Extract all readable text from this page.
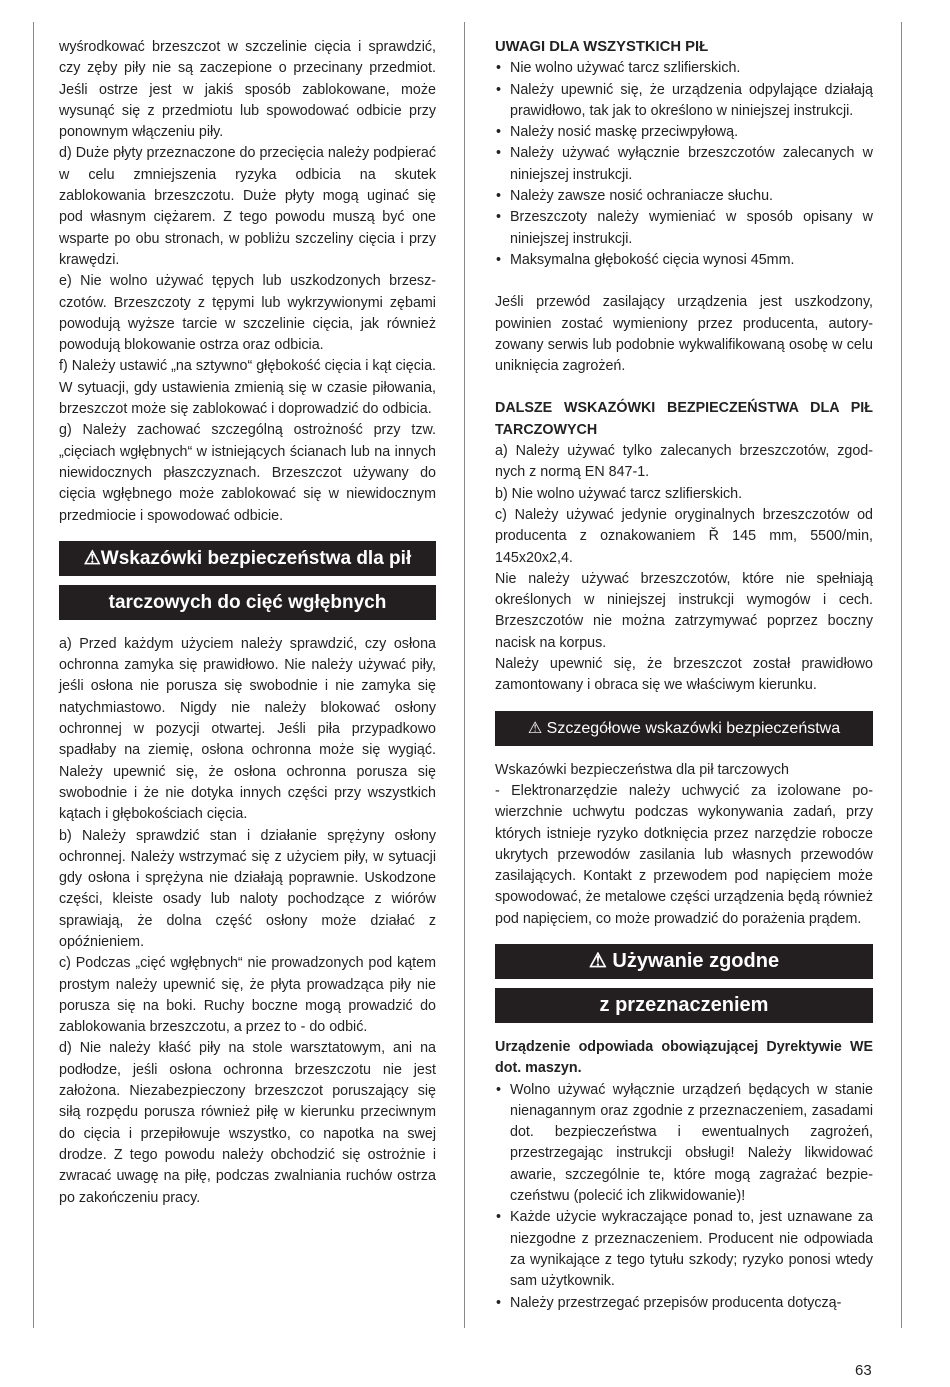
wyśrodkować brzeszczot w szczelinie cięcia i sprawdzić, czy zęby piły nie są zaczepione o przecinany przedmiot. Jeśli ostrze jest w jakiś sposób zablokowane, może wysunąć się z przedmiotu lub spowodować odbicie przy ponownym włączeniu piły.

d) Duże płyty przeznaczone do przecięcia należy podpierać w celu zmniejszenia ryzyka odbicia na skutek zablokowania brzeszczotu. Duże płyty mogą uginać się pod własnym ciężarem. Z tego powodu muszą być one wsparte po obu stronach, w pobliżu szczeliny cięcia i przy krawędzi.

e) Nie wolno używać tępych lub uszkodzonych brzeszczotów. Brzeszczoty z tępymi lub wykrzywionymi zębami powodują wyższe tarcie w szczelinie cięcia, jak również powodują blokowanie ostrza oraz odbicia.

f) Należy ustawić „na sztywno“ głębokość cięcia i kąt cięcia. W sytuacji, gdy ustawienia zmienią się w czasie piłowania, brzeszczot może się zablokować i doprowadzić do odbicia.

g) Należy zachować szczególną ostrożność przy tzw. „cięciach wgłębnych“ w istniejących ścianach lub na innych niewidocznych płaszczyznach. Brzeszczot używany do cięcia wgłębnego może zablokować się w niewidocznym przedmiocie i spowodować odbicie.

⚠Wskazówki bezpieczeństwa dla pił
tarczowych do cięć wgłębnych

a) Przed każdym użyciem należy sprawdzić, czy osłona ochronna zamyka się prawidłowo. Nie należy używać piły, jeśli osłona nie porusza się swobodnie i nie zamyka się natychmiastowo. Nigdy nie należy blokować osłony ochronnej w pozycji otwartej. Jeśli piła przypadkowo spadłaby na ziemię, osłona ochronna może się wygiąć. Należy upewnić się, że osłona ochronna porusza się swobodnie i że nie dotyka innych części przy wszystkich kątach i głębokościach cięcia.

b) Należy sprawdzić stan i działanie sprężyny osłony ochronnej. Należy wstrzymać się z użyciem piły, w sytuacji gdy osłona i sprężyna nie działają poprawnie. Uskodzone części, kleiste osady lub naloty pochodzące z wiórów sprawiają, że dolna część osłony może działać z opóźnieniem.

c) Podczas „cięć wgłębnych“ nie prowadzonych pod kątem prostym należy upewnić się, że płyta prowadząca piły nie porusza się na boki. Ruchy boczne mogą prowadzić do zablokowania brzeszczotu, a przez to - do odbić.

d) Nie należy kłaść piły na stole warsztatowym, ani na podłodze, jeśli osłona ochronna brzeszczotu nie jest założona. Niezabezpieczony brzeszczot poruszający się siłą rozpędu porusza również piłę w kierunku przeciwnym do cięcia i przepiłowuje wszystko, co napotka na swej drodze. Z tego powodu należy obchodzić się ostrożnie i zwracać uwagę na piłę, podczas zwalniania ruchów ostrza po zakończeniu pracy.

UWAGI DLA WSZYSTKICH PIŁ

• Nie wolno używać tarcz szlifierskich.
• Należy upewnić się, że urządzenia odpylające działają prawidłowo, tak jak to określono w niniejszej instrukcji.
• Należy nosić maskę przeciwpyłową.
• Należy używać wyłącznie brzeszczotów zalecanych w niniejszej instrukcji.
• Należy zawsze nosić ochraniacze słuchu.
• Brzeszczoty należy wymieniać w sposób opisany w niniejszej instrukcji.
• Maksymalna głębokość cięcia wynosi 45mm.

Jeśli przewód zasilający urządzenia jest uszkodzony, powinien zostać wymieniony przez producenta, autoryzowany serwis lub podobnie wykwalifikowaną osobę w celu uniknięcia zagrożeń.

DALSZE WSKAZÓWKI BEZPIECZEŃSTWA DLA PIŁ TARCZOWYCH

a) Należy używać tylko zalecanych brzeszczotów, zgodnych z normą EN 847-1.

b) Nie wolno używać tarcz szlifierskich.

c) Należy używać jedynie oryginalnych brzeszczotów od producenta z oznakowaniem Ř 145 mm, 5500/min, 145x20x2,4.

Nie należy używać brzeszczotów, które nie spełniają określonych w niniejszej instrukcji wymogów i cech. Brzeszczotów nie można zatrzymywać poprzez boczny nacisk na korpus.

Należy upewnić się, że brzeszczot został prawidłowo zamontowany i obraca się we właściwym kierunku.

⚠ Szczegółowe wskazówki bezpieczeństwa

Wskazówki bezpieczeństwa dla pił tarczowych

- Elektronarzędzie należy uchwycić za izolowane powierzchnie uchwytu podczas wykonywania zadań, przy których istnieje ryzyko dotknięcia przez narzędzie robocze ukrytych przewodów zasilania lub własnych przewodów zasilających. Kontakt z przewodem pod napięciem może spowodować, że metalowe części urządzenia będą również pod napięciem, co może prowadzić do porażenia prądem.

⚠ Używanie zgodne
z przeznaczeniem

Urządzenie odpowiada obowiązującej Dyrektywie WE dot. maszyn.

• Wolno używać wyłącznie urządzeń będących w stanie nienagannym oraz zgodnie z przeznaczeniem, zasadami dot. bezpieczeństwa i ewentualnych zagrożeń, przestrzegając instrukcji obsługi! Należy likwidować awarie, szczególnie te, które mogą zagrażać bezpieczeństwu (polecić ich zlikwidowanie)!
• Każde użycie wykraczające ponad to, jest uznawane za niezgodne z przeznaczeniem. Producent nie odpowiada za wynikające z tego tytułu szkody; ryzyko ponosi wtedy sam użytkownik.
• Należy przestrzegać przepisów producenta dotyczą-
63
